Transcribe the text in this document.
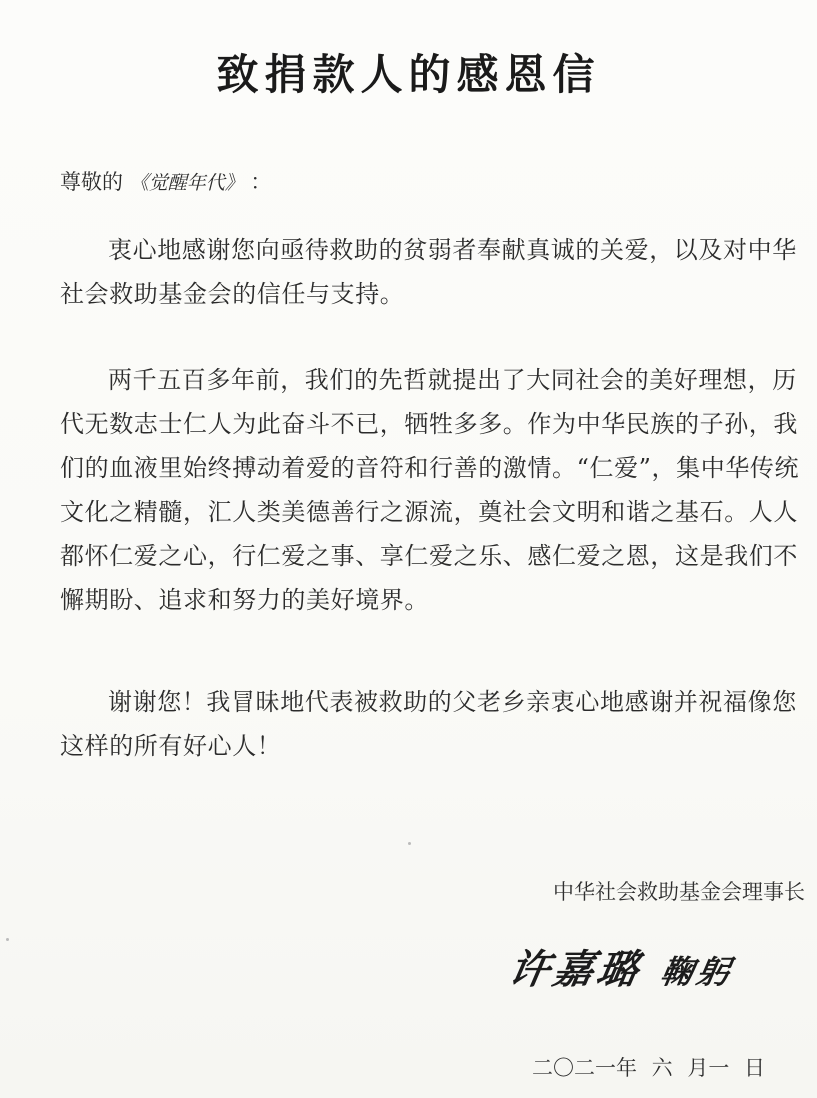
致捐款人的感恩信
尊敬的 《觉醒年代》 ：

衷心地感谢您向亟待救助的贫弱者奉献真诚的关爱，以及对中华社会救助基金会的信任与支持。

两千五百多年前，我们的先哲就提出了大同社会的美好理想，历代无数志士仁人为此奋斗不已，牺牲多多。作为中华民族的子孙，我们的血液里始终搏动着爱的音符和行善的激情。“仁爱”，集中华传统文化之精髓，汇人类美德善行之源流，奠社会文明和谐之基石。人人都怀仁爱之心，行仁爱之事、享仁爱之乐、感仁爱之恩，这是我们不懈期盼、追求和努力的美好境界。

谢谢您！我冒昧地代表被救助的父老乡亲衷心地感谢并祝福像您这样的所有好心人！

中华社会救助基金会理事长
许嘉璐 鞠躬
二〇二一年 六 月一 日
